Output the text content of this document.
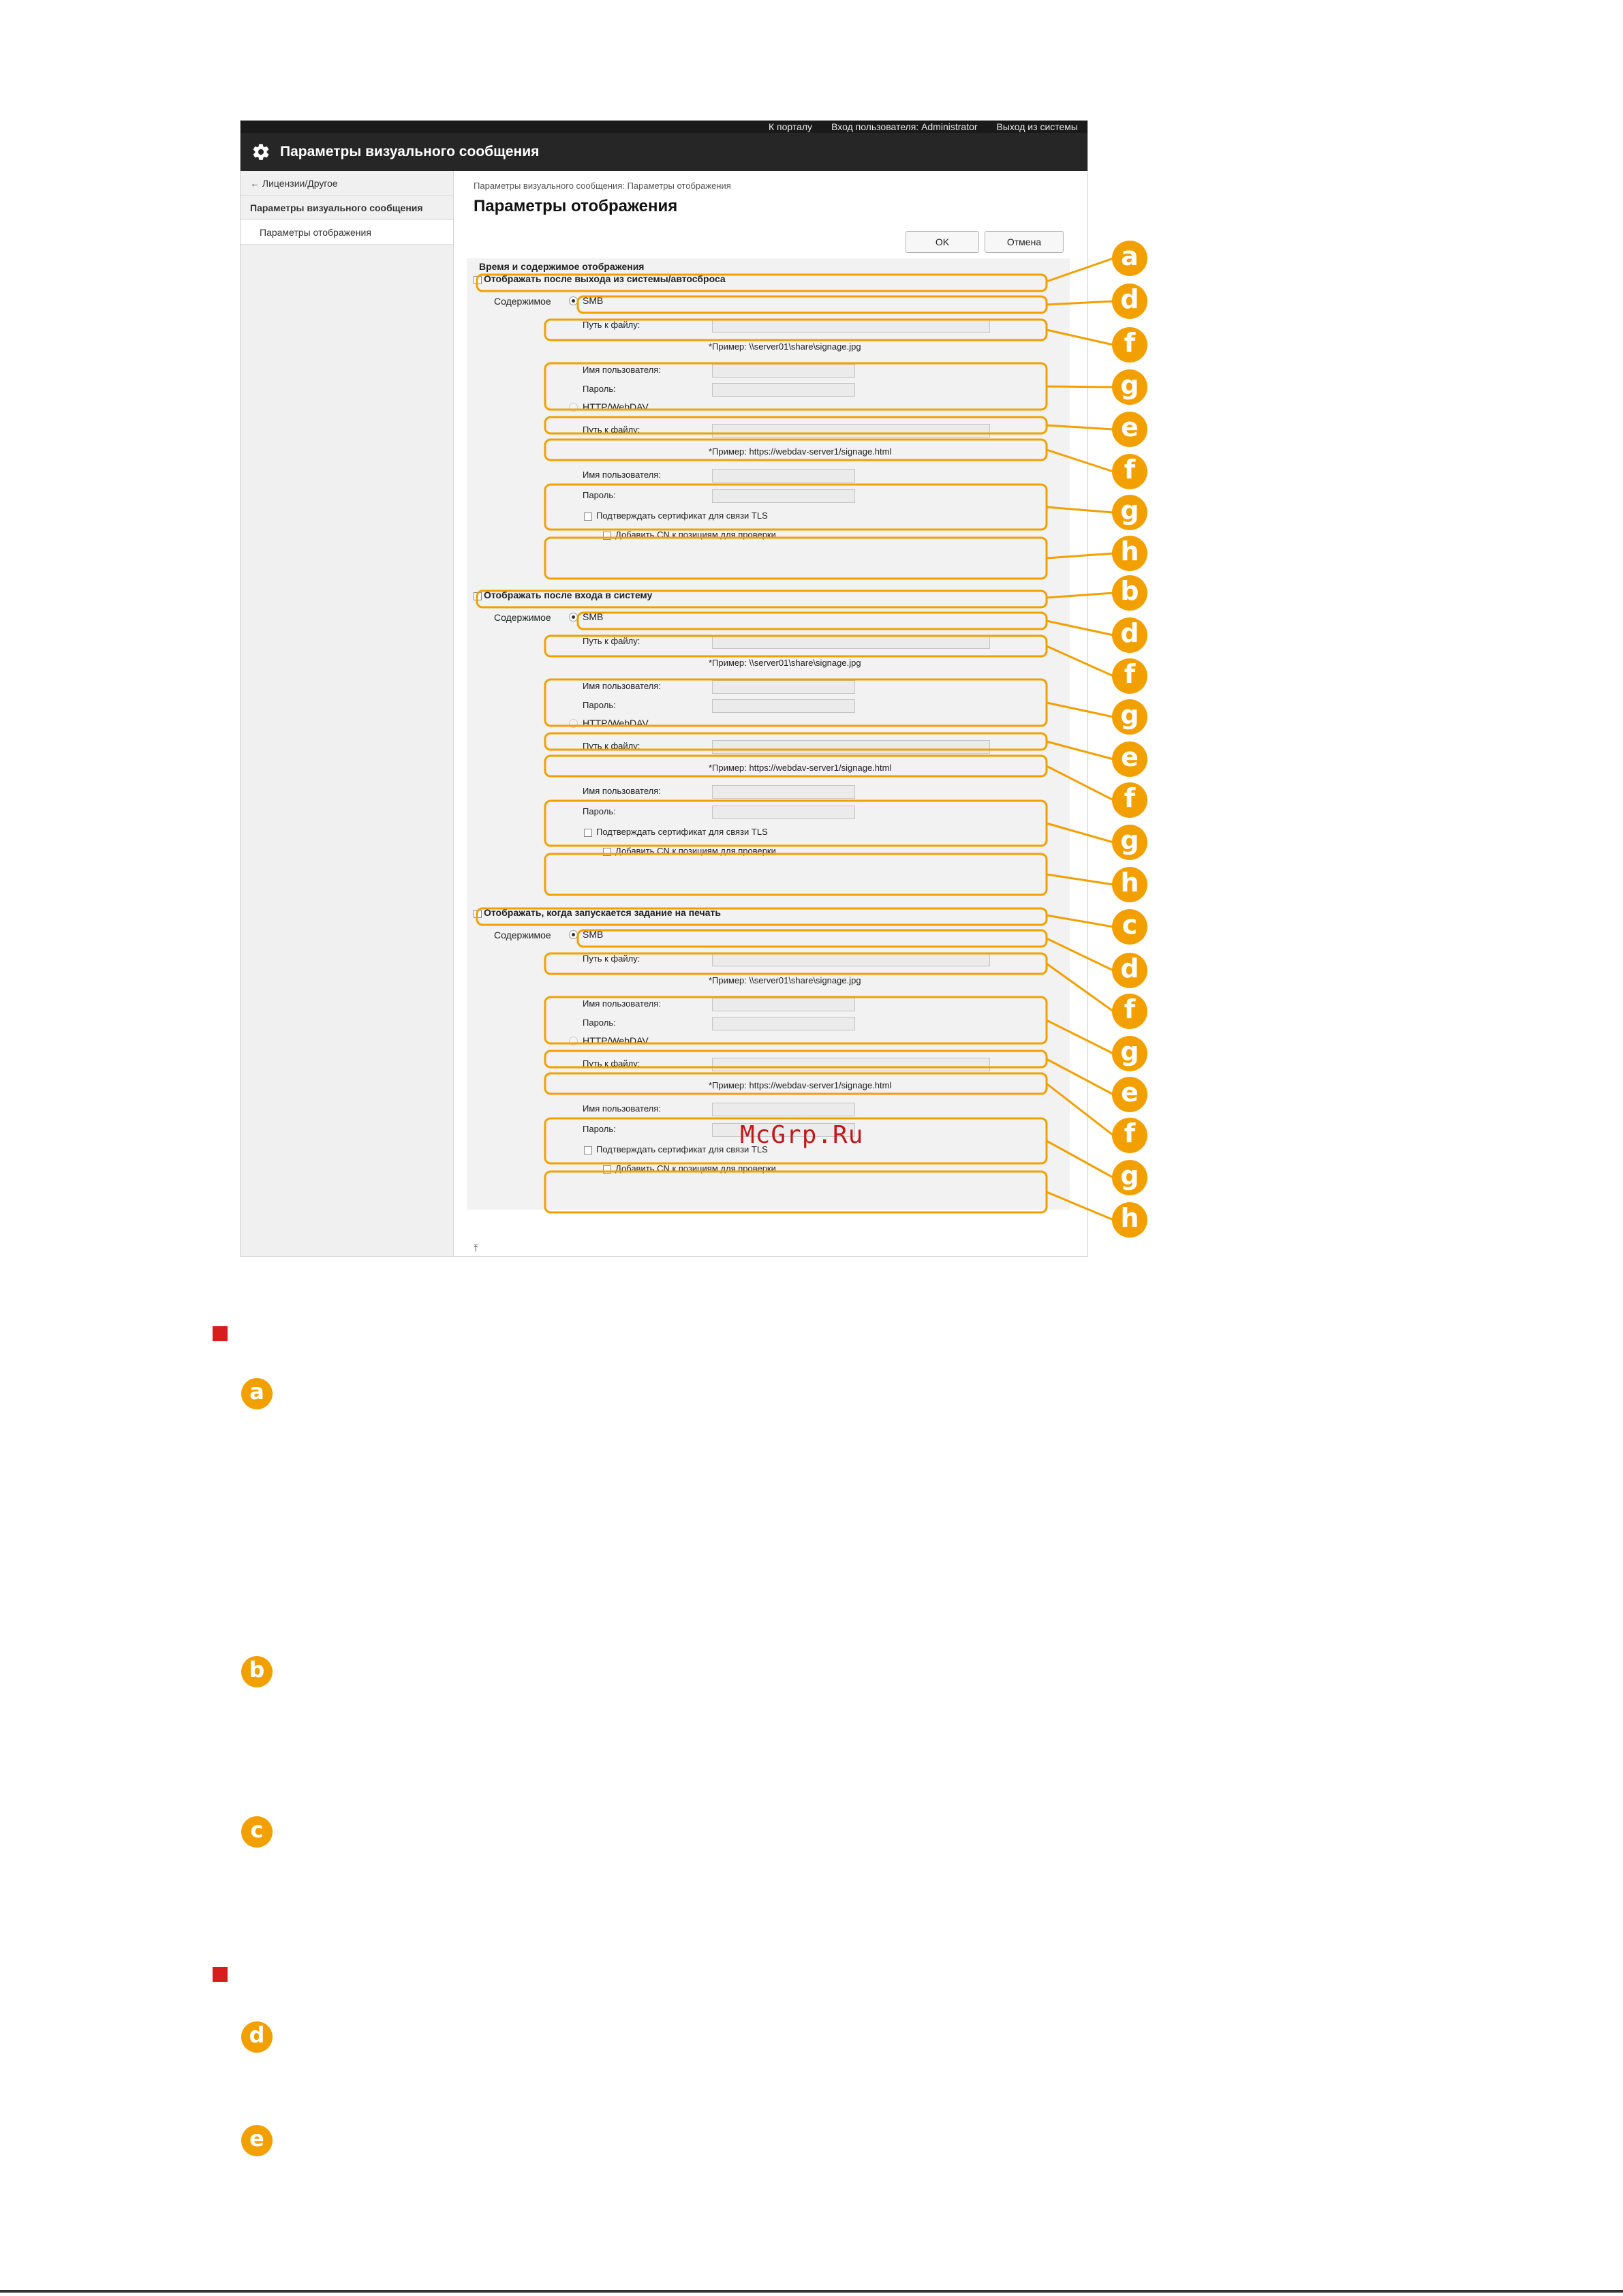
К порталу Вход пользователя: Administrator Выход из системы
Параметры визуального сообщения
← Лицензии/Другое
Параметры визуального сообщения
Параметры отображения
Параметры визуального сообщения: Параметры отображения
Параметры отображения
OK	Отмена
Время и содержимое отображения
Отображать после выхода из системы/автосброса
Содержимое	SMB
Путь к файлу:
*Пример: \\server01\share\signage.jpg
Имя пользователя:
Пароль:
HTTP/WebDAV
Путь к файлу:
*Пример: https://webdav-server1/signage.html
Имя пользователя:
Пароль:
Подтверждать сертификат для связи TLS
Добавить CN к позициям для проверки
Отображать после входа в систему
Содержимое	SMB
Путь к файлу:
*Пример: \\server01\share\signage.jpg
Имя пользователя:
Пароль:
HTTP/WebDAV
Путь к файлу:
*Пример: https://webdav-server1/signage.html
Имя пользователя:
Пароль:
Подтверждать сертификат для связи TLS
Добавить CN к позициям для проверки
Отображать, когда запускается задание на печать
Содержимое	SMB
Путь к файлу:
*Пример: \\server01\share\signage.jpg
Имя пользователя:
Пароль:
HTTP/WebDAV
Путь к файлу:
*Пример: https://webdav-server1/signage.html
Имя пользователя:
Пароль:
Подтверждать сертификат для связи TLS
Добавить CN к позициям для проверки
⤒
a
d
f
g
e
f
g
h
b
d
f
g
e
f
g
h
c
d
f
g
e
f
g
h
McGrp.Ru
a
b
c
d
e
